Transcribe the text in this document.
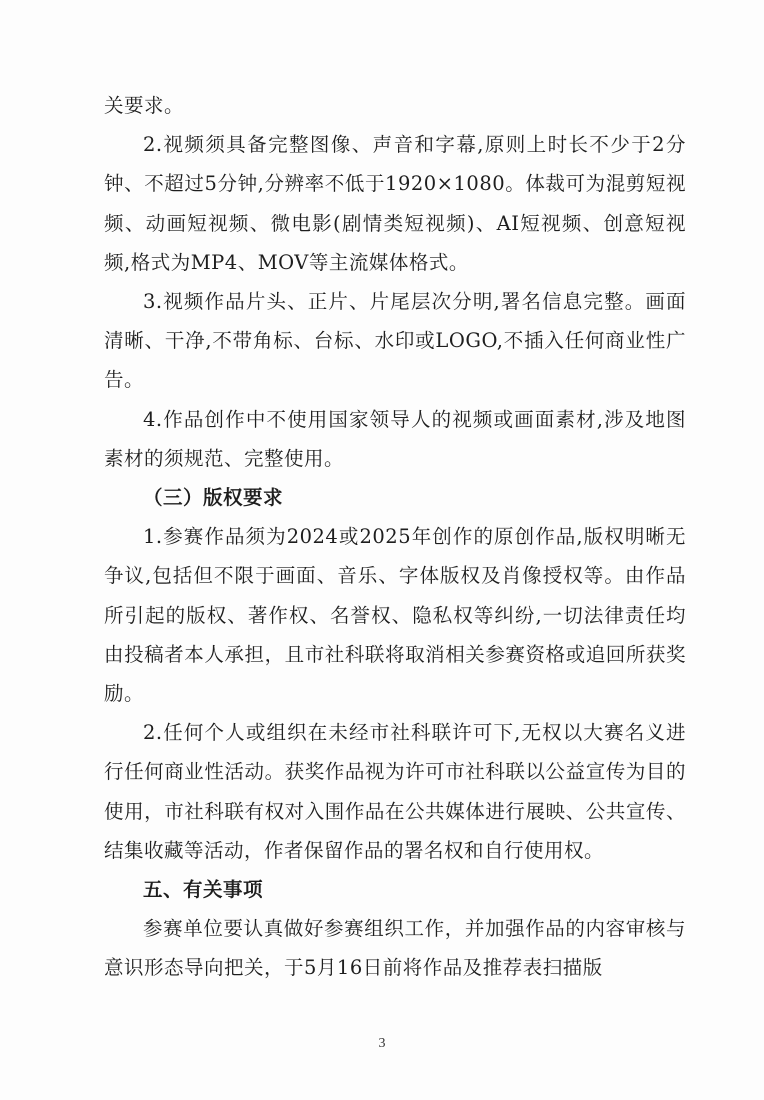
关要求。

2.视频须具备完整图像、声音和字幕,原则上时长不少于2分钟、不超过5分钟,分辨率不低于1920×1080。体裁可为混剪短视频、动画短视频、微电影(剧情类短视频)、AI短视频、创意短视频,格式为MP4、MOV等主流媒体格式。

3.视频作品片头、正片、片尾层次分明,署名信息完整。画面清晰、干净,不带角标、台标、水印或LOGO,不插入任何商业性广告。

4.作品创作中不使用国家领导人的视频或画面素材,涉及地图素材的须规范、完整使用。

（三）版权要求

1.参赛作品须为2024或2025年创作的原创作品,版权明晰无争议,包括但不限于画面、音乐、字体版权及肖像授权等。由作品所引起的版权、著作权、名誉权、隐私权等纠纷,一切法律责任均由投稿者本人承担，且市社科联将取消相关参赛资格或追回所获奖励。

2.任何个人或组织在未经市社科联许可下,无权以大赛名义进行任何商业性活动。获奖作品视为许可市社科联以公益宣传为目的使用，市社科联有权对入围作品在公共媒体进行展映、公共宣传、结集收藏等活动，作者保留作品的署名权和自行使用权。

五、有关事项

参赛单位要认真做好参赛组织工作，并加强作品的内容审核与意识形态导向把关，于5月16日前将作品及推荐表扫描版

3
